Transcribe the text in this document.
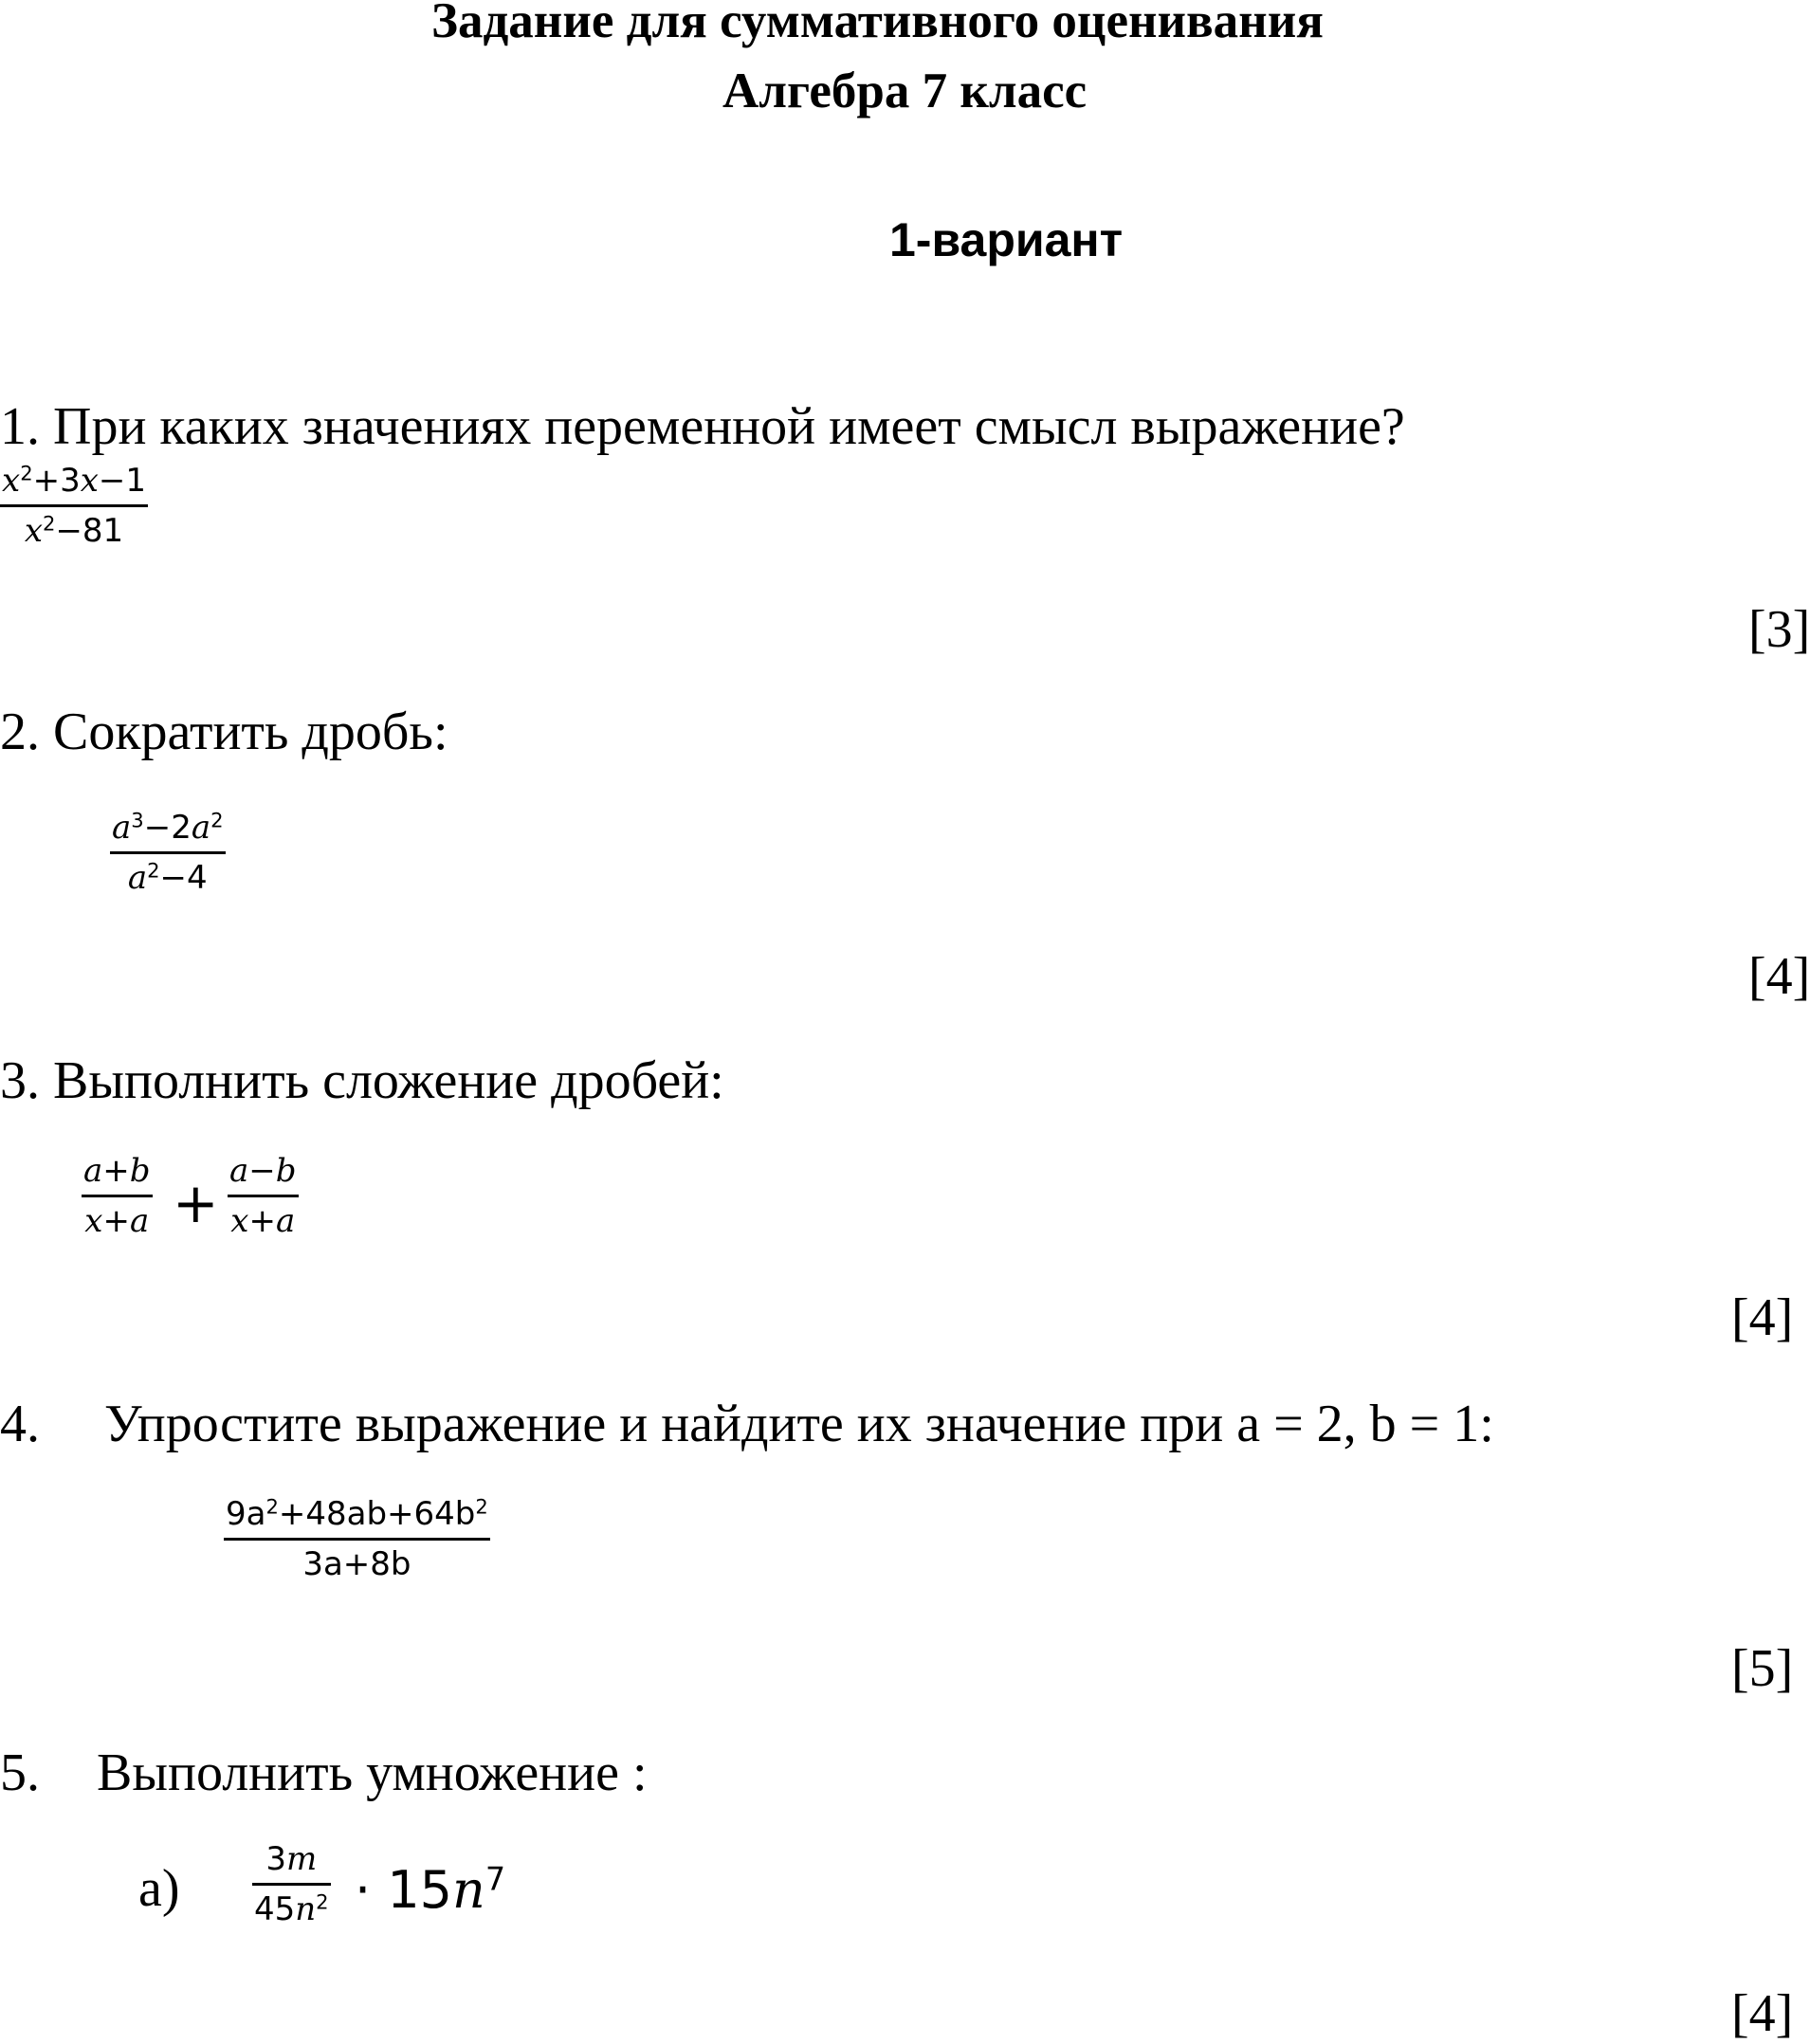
Задание для суммативного оценивания
Алгебра 7 класс
1-вариант
1. При каких значениях переменной имеет смысл выражение?
$x^2+3x-1$
$x^2-81$
[3]
2. Сократить дробь:
$a^3-2a^2$
$a^2-4$
[4]
3. Выполнить сложение дробей:
a+b
x+a + a−b
x+a
[4]
4. Упростите выражение и найдите их значение при a = 2, b = 1:
$9a^2+48ab+64b^2$
3a+8b
[5]
5. Выполнить умножение :
а)	3m
$45n^2 \cdot 15n^7$
[4]
